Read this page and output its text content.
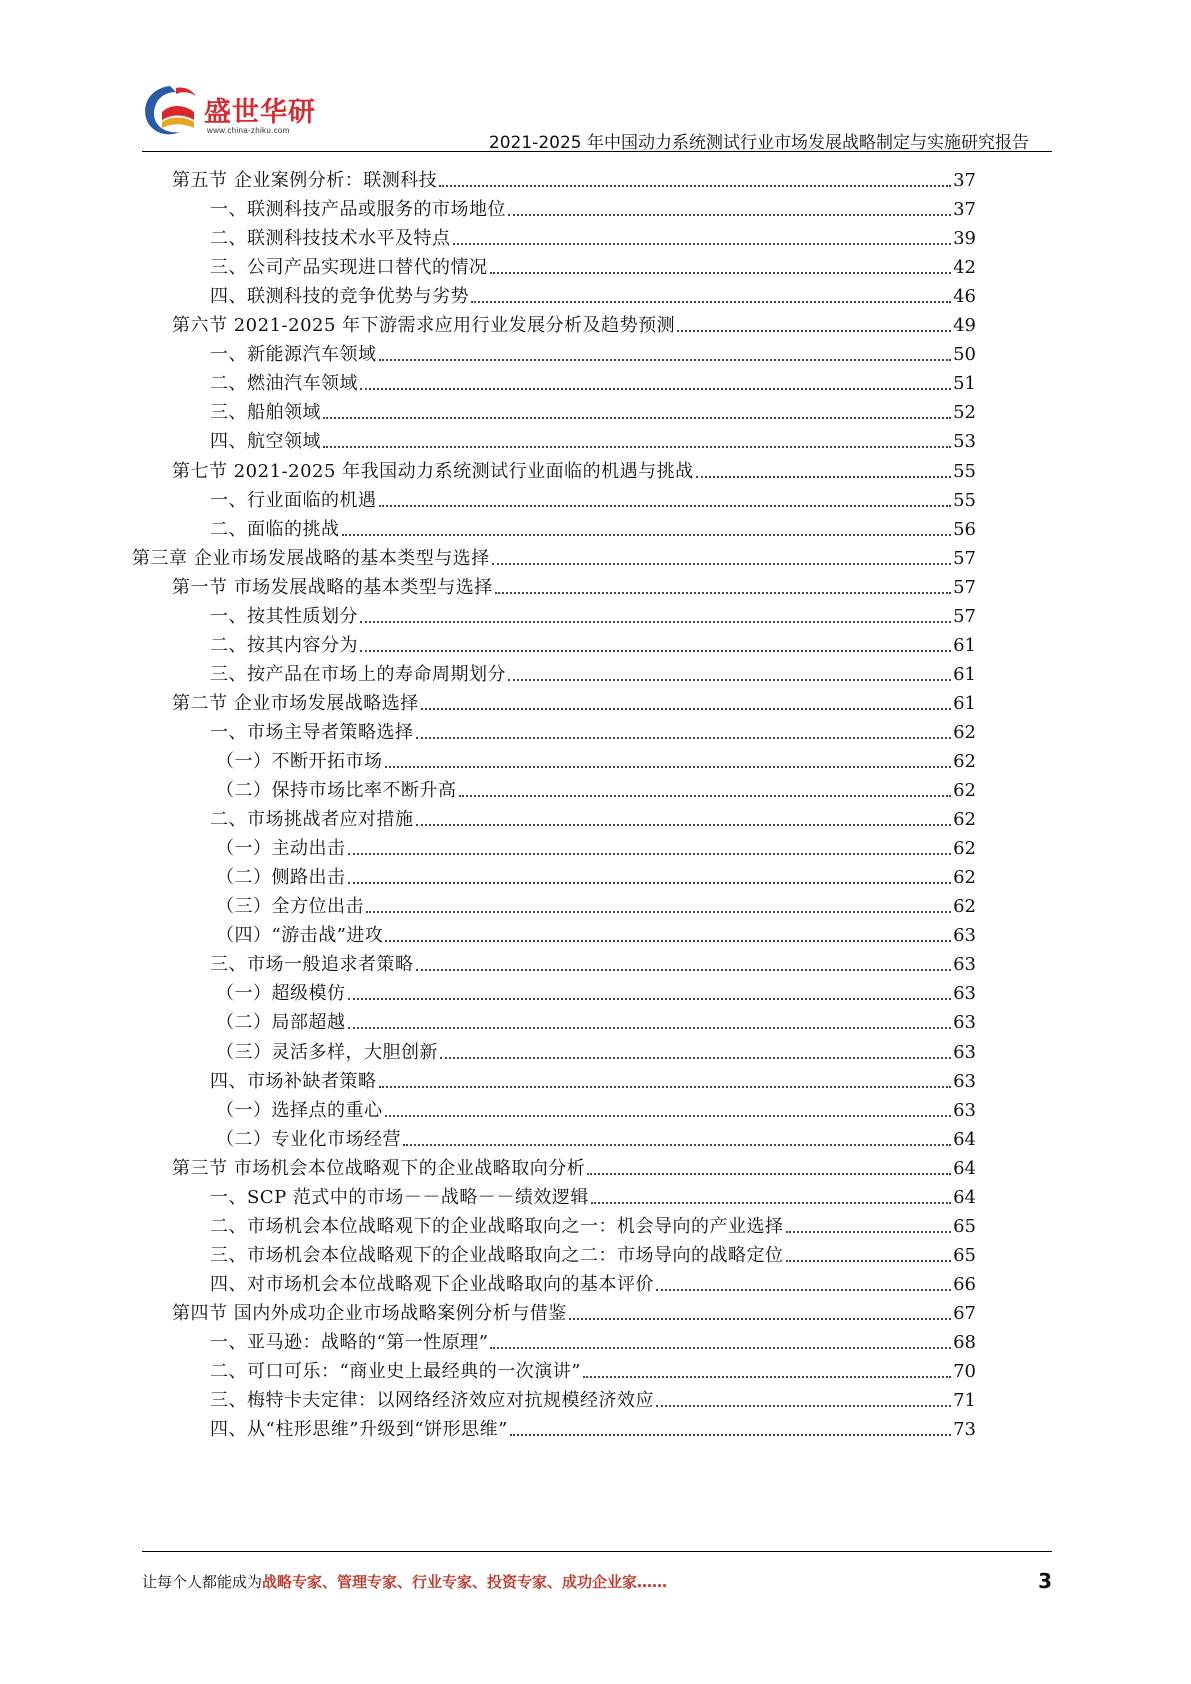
盛世华研
www.china-zhiku.com
2021-2025 年中国动力系统测试行业市场发展战略制定与实施研究报告
第五节 企业案例分析：联测科技	37
一、联测科技产品或服务的市场地位	37
二、联测科技技术水平及特点	39
三、公司产品实现进口替代的情况	42
四、联测科技的竞争优势与劣势	46
第六节 2021-2025 年下游需求应用行业发展分析及趋势预测	49
一、新能源汽车领域	50
二、燃油汽车领域	51
三、船舶领域	52
四、航空领域	53
第七节 2021-2025 年我国动力系统测试行业面临的机遇与挑战	55
一、行业面临的机遇	55
二、面临的挑战	56
第三章 企业市场发展战略的基本类型与选择	57
第一节 市场发展战略的基本类型与选择	57
一、按其性质划分	57
二、按其内容分为	61
三、按产品在市场上的寿命周期划分	61
第二节 企业市场发展战略选择	61
一、市场主导者策略选择	62
（一）不断开拓市场	62
（二）保持市场比率不断升高	62
二、市场挑战者应对措施	62
（一）主动出击	62
（二）侧路出击	62
（三）全方位出击	62
（四）“游击战”进攻	63
三、市场一般追求者策略	63
（一）超级模仿	63
（二）局部超越	63
（三）灵活多样，大胆创新	63
四、市场补缺者策略	63
（一）选择点的重心	63
（二）专业化市场经营	64
第三节 市场机会本位战略观下的企业战略取向分析	64
一、SCP 范式中的市场－－战略－－绩效逻辑	64
二、市场机会本位战略观下的企业战略取向之一：机会导向的产业选择	65
三、市场机会本位战略观下的企业战略取向之二：市场导向的战略定位	65
四、对市场机会本位战略观下企业战略取向的基本评价	66
第四节 国内外成功企业市场战略案例分析与借鉴	67
一、亚马逊：战略的“第一性原理”	68
二、可口可乐：“商业史上最经典的一次演讲”	70
三、梅特卡夫定律：以网络经济效应对抗规模经济效应	71
四、从“柱形思维”升级到“饼形思维”	73
让每个人都能成为战略专家、管理专家、行业专家、投资专家、成功企业家……	3
